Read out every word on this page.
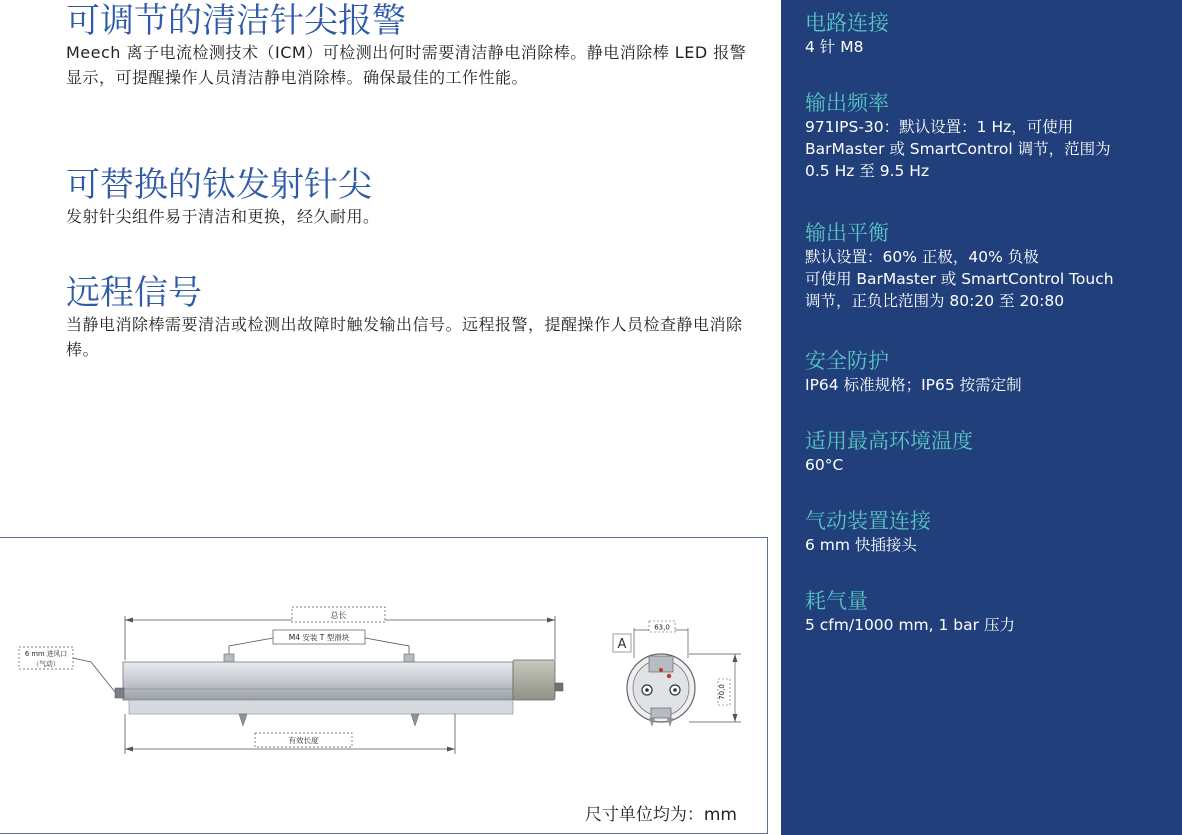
可调节的清洁针尖报警

Meech 离子电流检测技术（ICM）可检测出何时需要清洁静电消除棒。静电消除棒 LED 报警显示，可提醒操作人员清洁静电消除棒。确保最佳的工作性能。

可替换的钛发射针尖

发射针尖组件易于清洁和更换，经久耐用。

远程信号

当静电消除棒需要清洁或检测出故障时触发输出信号。远程报警，提醒操作人员检查静电消除棒。

总长
M4 安装 T 型滑块
6 mm 进风口
（气动）
有效长度
A
63,0
70,0
尺寸单位均为：mm
电路连接

4 针 M8

输出频率

971IPS-30：默认设置：1 Hz，可使用

BarMaster 或 SmartControl 调节，范围为

0.5 Hz 至 9.5 Hz

输出平衡

默认设置：60% 正极，40% 负极

可使用 BarMaster 或 SmartControl Touch

调节，正负比范围为 80:20 至 20:80

安全防护

IP64 标准规格；IP65 按需定制

适用最高环境温度

60°C

气动装置连接

6 mm 快插接头

耗气量

5 cfm/1000 mm, 1 bar 压力
